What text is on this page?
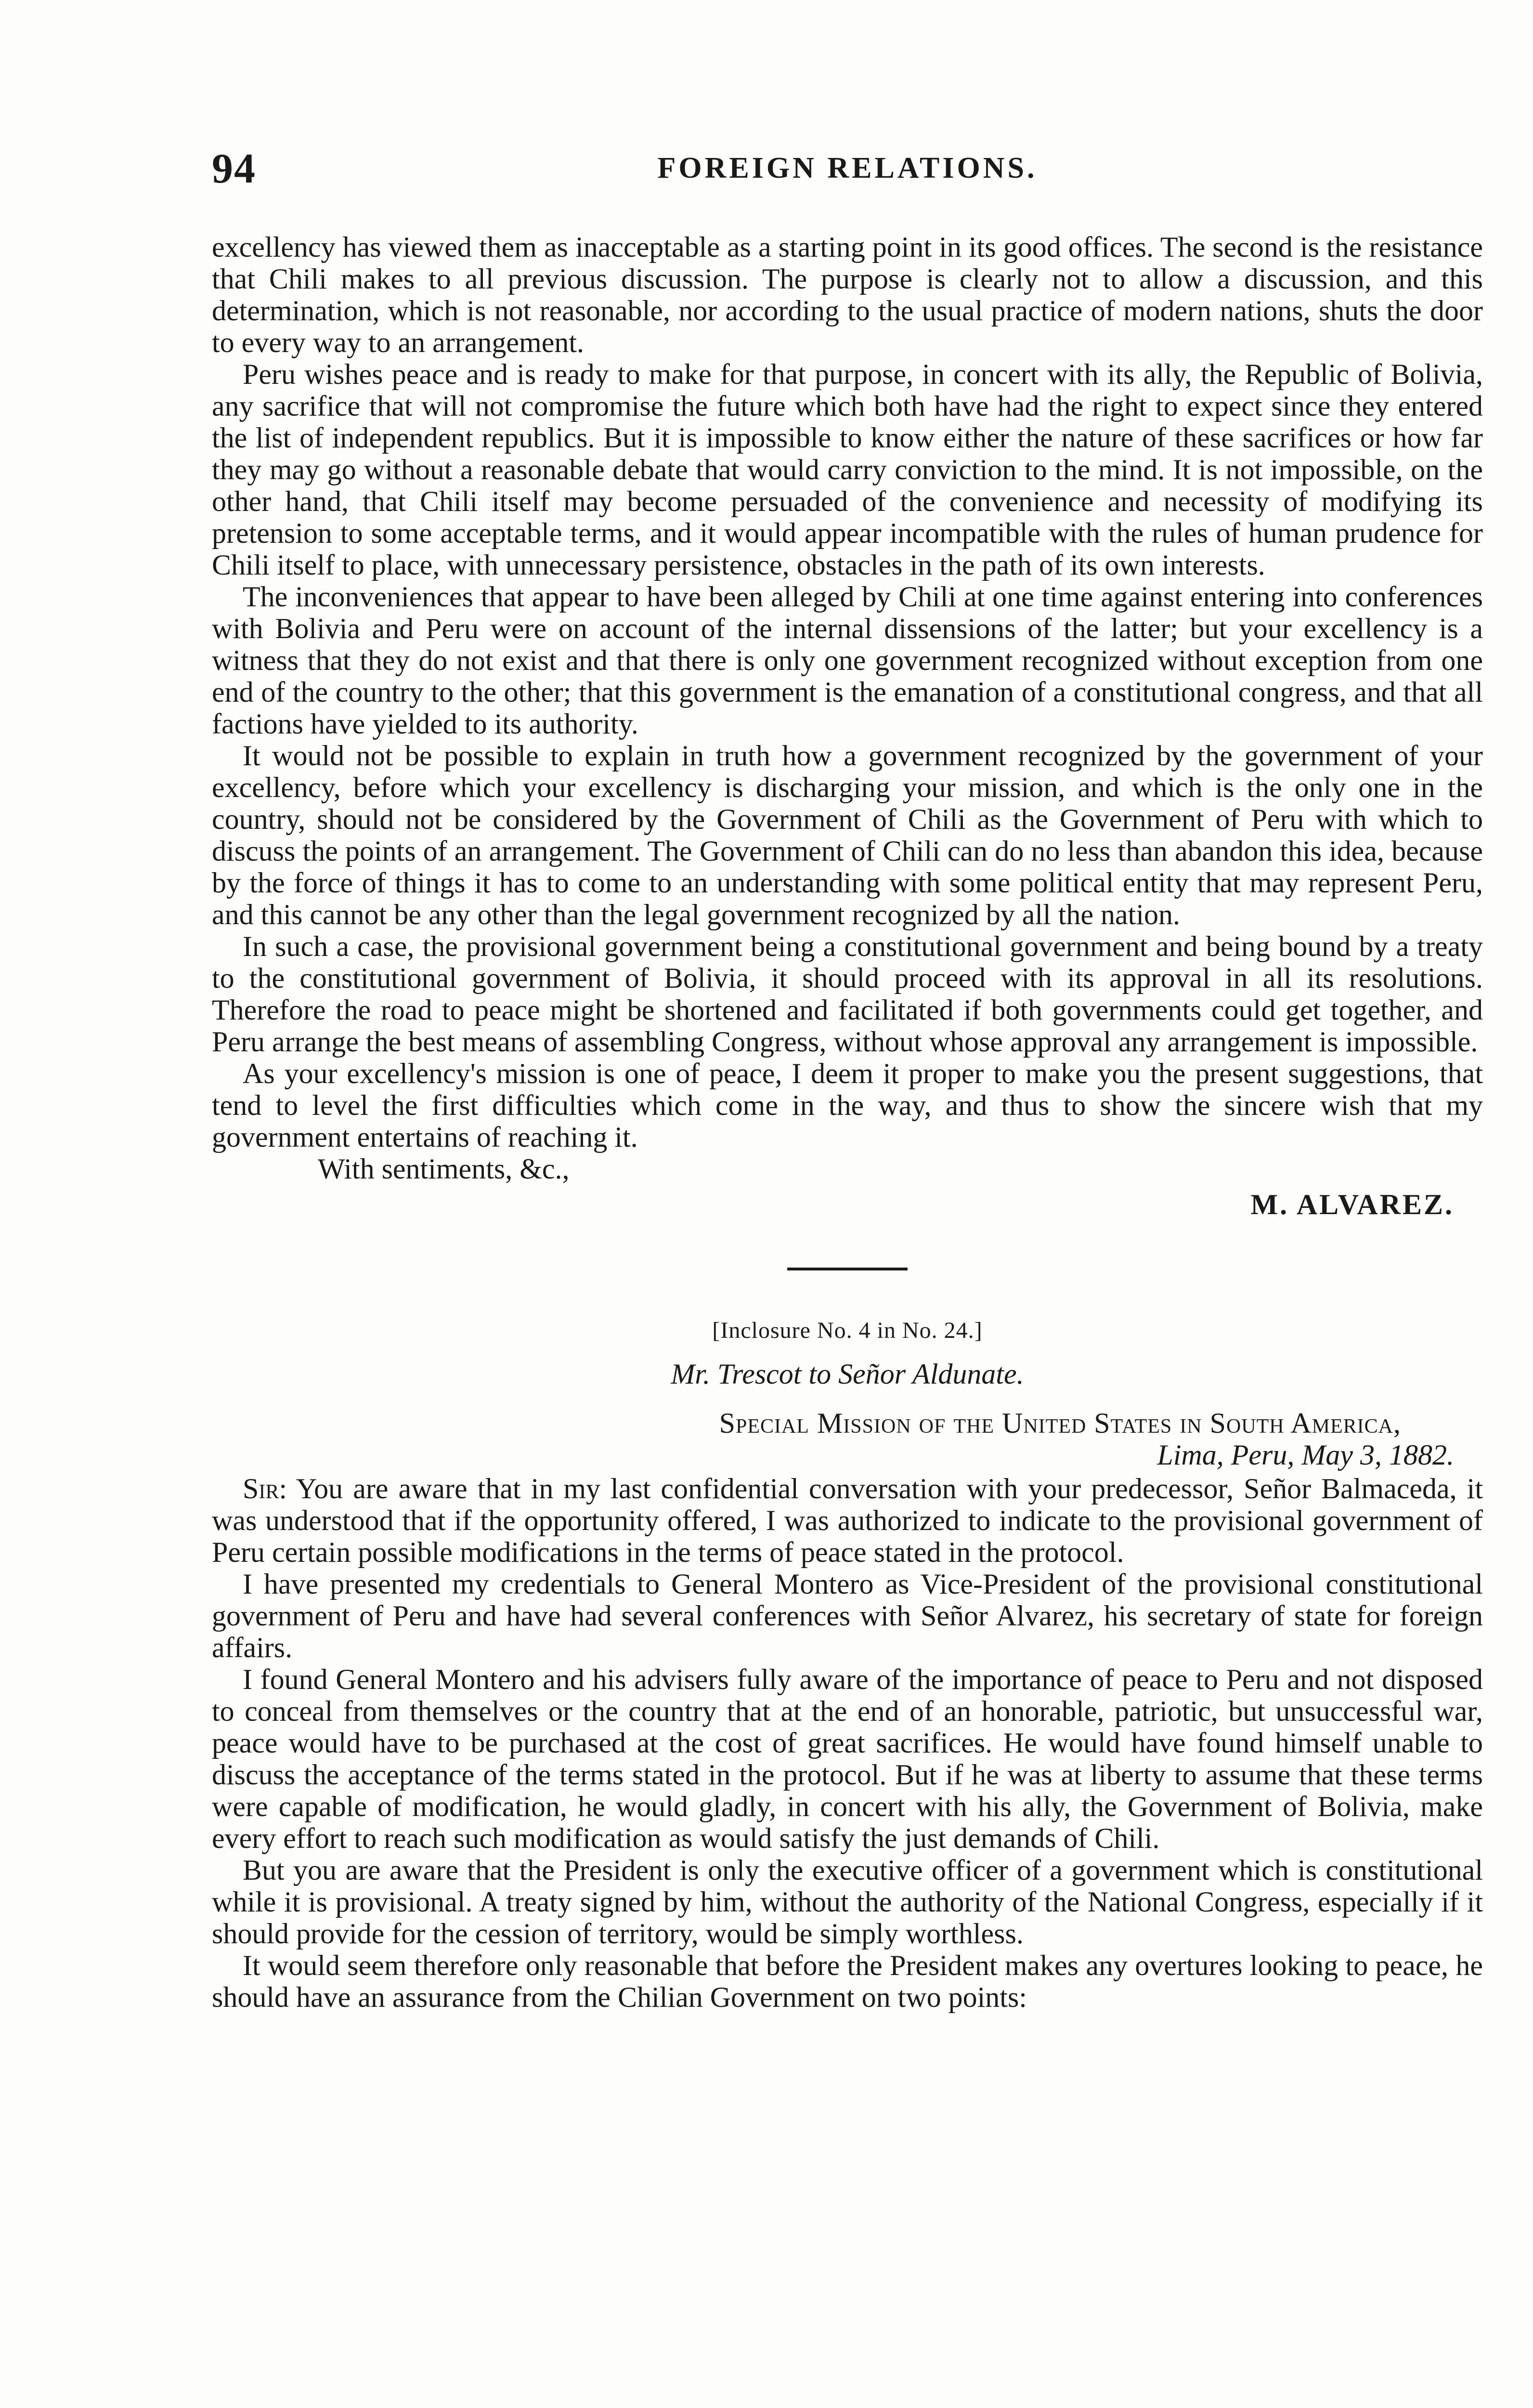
94	FOREIGN RELATIONS.

excellency has viewed them as inacceptable as a starting point in its good offices. The second is the resistance that Chili makes to all previous discussion. The purpose is clearly not to allow a discussion, and this determination, which is not reasonable, nor according to the usual practice of modern nations, shuts the door to every way to an arrangement.

Peru wishes peace and is ready to make for that purpose, in concert with its ally, the Republic of Bolivia, any sacrifice that will not compromise the future which both have had the right to expect since they entered the list of independent republics. But it is impossible to know either the nature of these sacrifices or how far they may go without a reasonable debate that would carry conviction to the mind. It is not impossible, on the other hand, that Chili itself may become persuaded of the convenience and necessity of modifying its pretension to some acceptable terms, and it would appear incompatible with the rules of human prudence for Chili itself to place, with unnecessary persistence, obstacles in the path of its own interests.

The inconveniences that appear to have been alleged by Chili at one time against entering into conferences with Bolivia and Peru were on account of the internal dissensions of the latter; but your excellency is a witness that they do not exist and that there is only one government recognized without exception from one end of the country to the other; that this government is the emanation of a constitutional congress, and that all factions have yielded to its authority.

It would not be possible to explain in truth how a government recognized by the government of your excellency, before which your excellency is discharging your mission, and which is the only one in the country, should not be considered by the Government of Chili as the Government of Peru with which to discuss the points of an arrangement. The Government of Chili can do no less than abandon this idea, because by the force of things it has to come to an understanding with some political entity that may represent Peru, and this cannot be any other than the legal government recognized by all the nation.

In such a case, the provisional government being a constitutional government and being bound by a treaty to the constitutional government of Bolivia, it should proceed with its approval in all its resolutions. Therefore the road to peace might be shortened and facilitated if both governments could get together, and Peru arrange the best means of assembling Congress, without whose approval any arrangement is impossible.

As your excellency's mission is one of peace, I deem it proper to make you the present suggestions, that tend to level the first difficulties which come in the way, and thus to show the sincere wish that my government entertains of reaching it.

With sentiments, &c.,
M. ALVAREZ.
[Inclosure No. 4 in No. 24.]
Mr. Trescot to Señor Aldunate.
Special Mission of the United States in South America,
Lima, Peru, May 3, 1882.

Sir: You are aware that in my last confidential conversation with your predecessor, Señor Balmaceda, it was understood that if the opportunity offered, I was authorized to indicate to the provisional government of Peru certain possible modifications in the terms of peace stated in the protocol.

I have presented my credentials to General Montero as Vice-President of the provisional constitutional government of Peru and have had several conferences with Señor Alvarez, his secretary of state for foreign affairs.

I found General Montero and his advisers fully aware of the importance of peace to Peru and not disposed to conceal from themselves or the country that at the end of an honorable, patriotic, but unsuccessful war, peace would have to be purchased at the cost of great sacrifices. He would have found himself unable to discuss the acceptance of the terms stated in the protocol. But if he was at liberty to assume that these terms were capable of modification, he would gladly, in concert with his ally, the Government of Bolivia, make every effort to reach such modification as would satisfy the just demands of Chili.

But you are aware that the President is only the executive officer of a government which is constitutional while it is provisional. A treaty signed by him, without the authority of the National Congress, especially if it should provide for the cession of territory, would be simply worthless.

It would seem therefore only reasonable that before the President makes any overtures looking to peace, he should have an assurance from the Chilian Government on two points:
